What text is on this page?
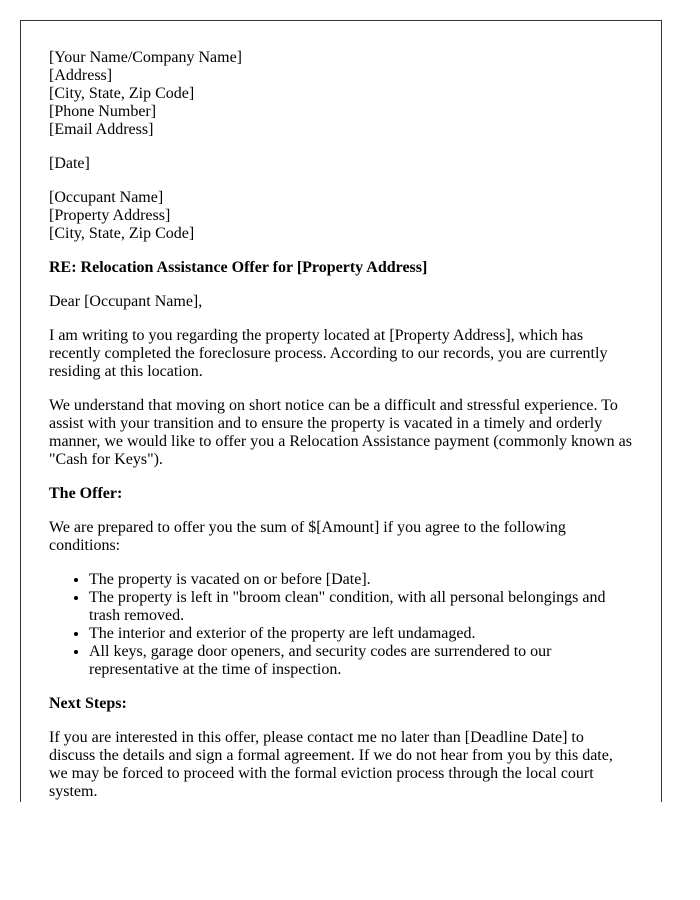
[Your Name/Company Name]
[Address]
[City, State, Zip Code]
[Phone Number]
[Email Address]

[Date]

[Occupant Name]
[Property Address]
[City, State, Zip Code]

RE: Relocation Assistance Offer for [Property Address]

Dear [Occupant Name],

I am writing to you regarding the property located at [Property Address], which has recently completed the foreclosure process. According to our records, you are currently residing at this location.

We understand that moving on short notice can be a difficult and stressful experience. To assist with your transition and to ensure the property is vacated in a timely and orderly manner, we would like to offer you a Relocation Assistance payment (commonly known as "Cash for Keys").

The Offer:

We are prepared to offer you the sum of $[Amount] if you agree to the following conditions:

• The property is vacated on or before [Date].
• The property is left in "broom clean" condition, with all personal belongings and trash removed.
• The interior and exterior of the property are left undamaged.
• All keys, garage door openers, and security codes are surrendered to our representative at the time of inspection.

Next Steps:

If you are interested in this offer, please contact me no later than [Deadline Date] to discuss the details and sign a formal agreement. If we do not hear from you by this date, we may be forced to proceed with the formal eviction process through the local court system.
